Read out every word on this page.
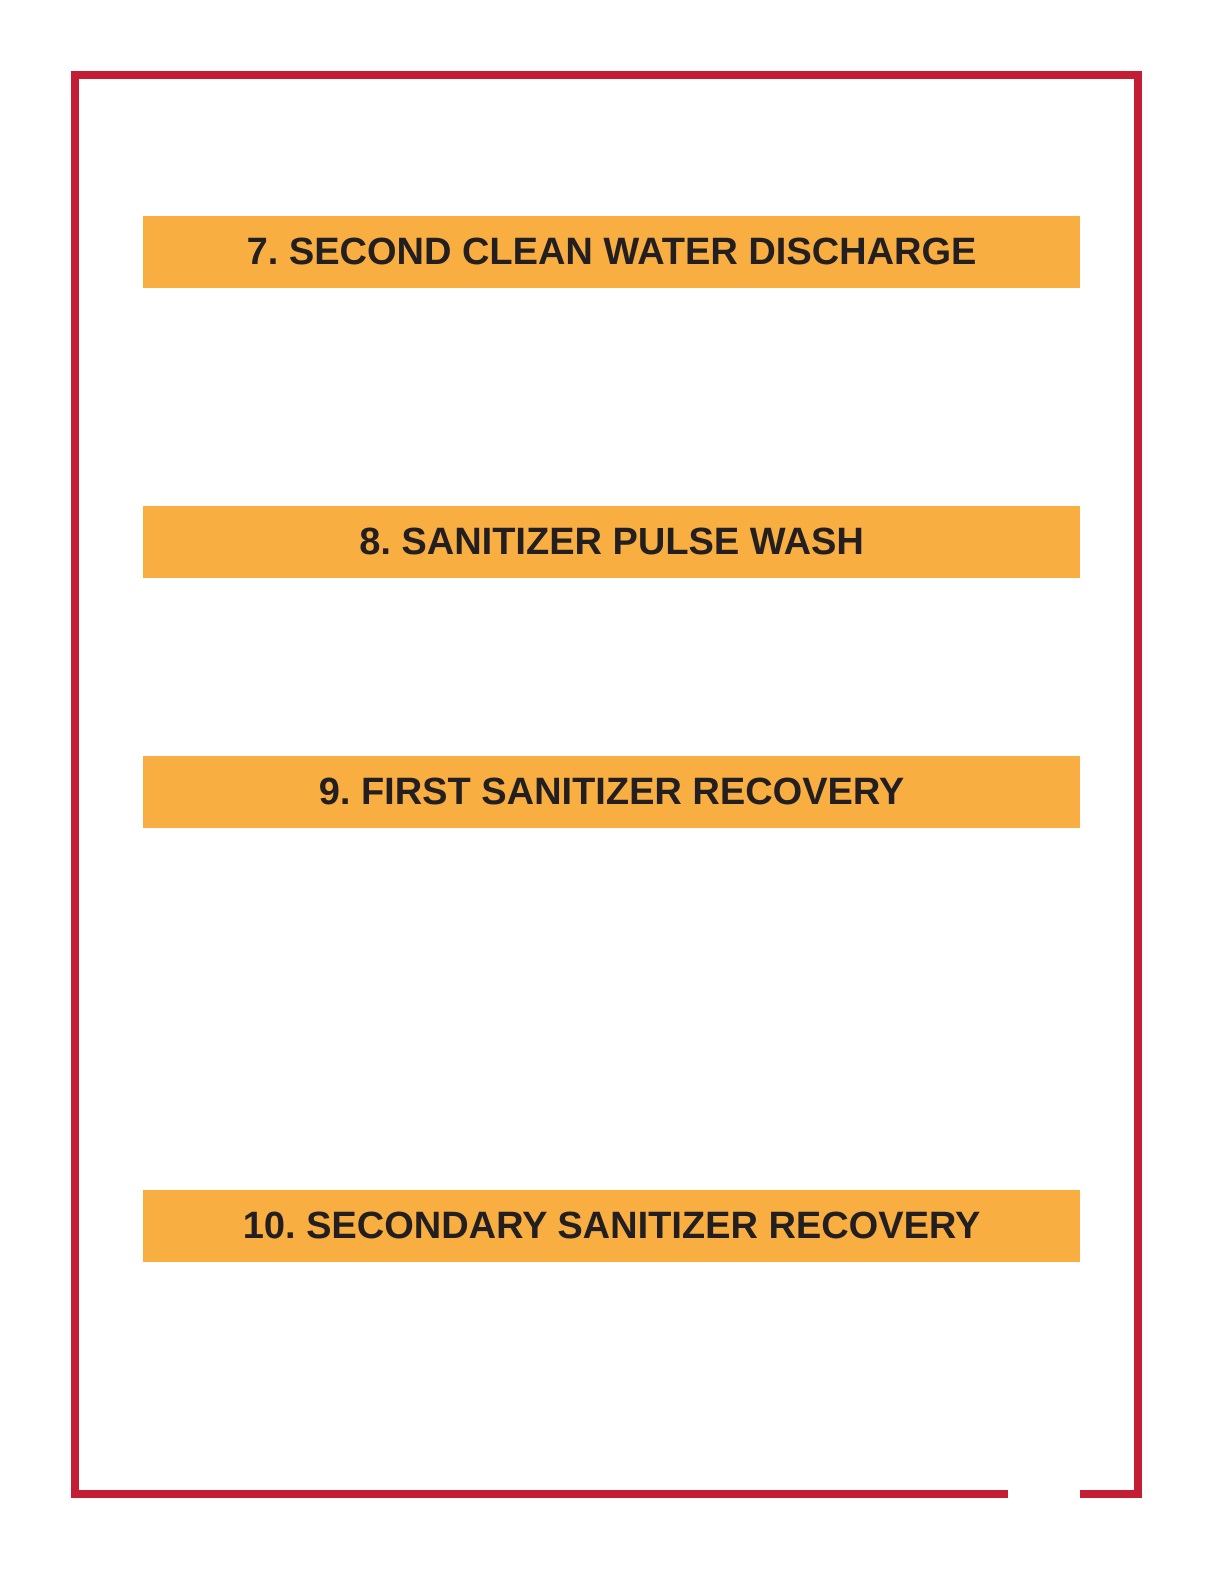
7. SECOND CLEAN WATER DISCHARGE
8. SANITIZER PULSE WASH
9. FIRST SANITIZER RECOVERY
10. SECONDARY SANITIZER RECOVERY
